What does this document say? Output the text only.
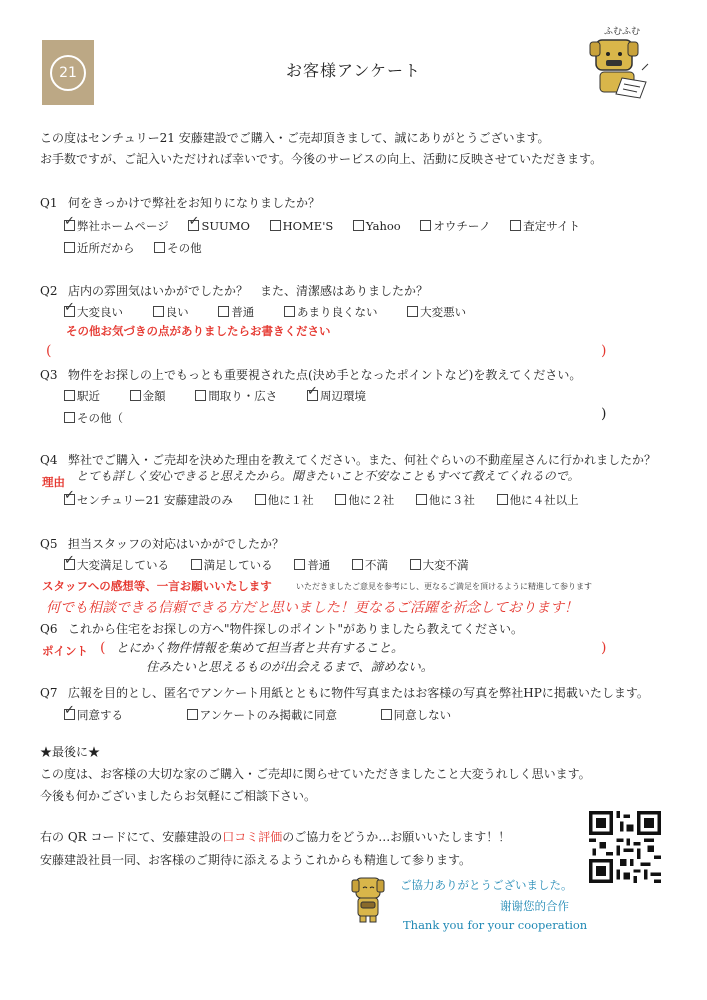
21	お客様アンケート
ふむふむ
この度はセンチュリー21 安藤建設でご購入・ご売却頂きまして、誠にありがとうございます。
お手数ですが、ご記入いただければ幸いです。今後のサービスの向上、活動に反映させていただきます。
Q1 何をきっかけで弊社をお知りになりましたか？
✓弊社ホームページ ✓	SUUMO	HOME'S	Yahoo	オウチーノ	査定サイト
近所だから	その他
Q2 店内の雰囲気はいかがでしたか？　また、清潔感はありましたか？
✓大変良い	良い	普通	あまり良くない	大変悪い
その他お気づきの点がありましたらお書きください
(	)
Q3 物件をお探しの上でもっとも重要視された点(決め手となったポイントなど)を教えてください。
駅近	金額	間取り・広さ ✓	周辺環境
その他（	)
Q4 弊社でご購入・ご売却を決めた理由を教えてください。また、何社ぐらいの不動産屋さんに行かれましたか？
理由 とても詳しく安心できると思えたから。聞きたいこと不安なこともすべて教えてくれるので。
✓センチュリー21 安藤建設のみ	他に１社	他に２社	他に３社	他に４社以上
Q5 担当スタッフの対応はいかがでしたか？
✓大変満足している	満足している	普通	不満	大変不満
スタッフへの感想等、一言お願いいたします	いただきましたご意見を参考にし、更なるご満足を頂けるように精進して参ります
何でも相談できる信頼できる方だと思いました！更なるご活躍を祈念しております！
Q6 これから住宅をお探しの方へ"物件探しのポイント"がありましたら教えてください。
ポイント ( とにかく物件情報を集めて担当者と共有すること。
住みたいと思えるものが出会えるまで、諦めない。
)
Q7 広報を目的とし、匿名でアンケート用紙とともに物件写真またはお客様の写真を弊社HPに掲載いたします。
✓同意する	アンケートのみ掲載に同意	同意しない
★最後に★
この度は、お客様の大切な家のご購入・ご売却に関らせていただきましたこと大変うれしく思います。
今後も何かございましたらお気軽にご相談下さい。
右の QR コードにて、安藤建設の口コミ評価のご協力をどうか…お願いいたします！！
安藤建設社員一同、お客様のご期待に添えるようこれからも精進して参ります。
ご協力ありがとうございました。
谢谢您的合作
Thank you for your cooperation
